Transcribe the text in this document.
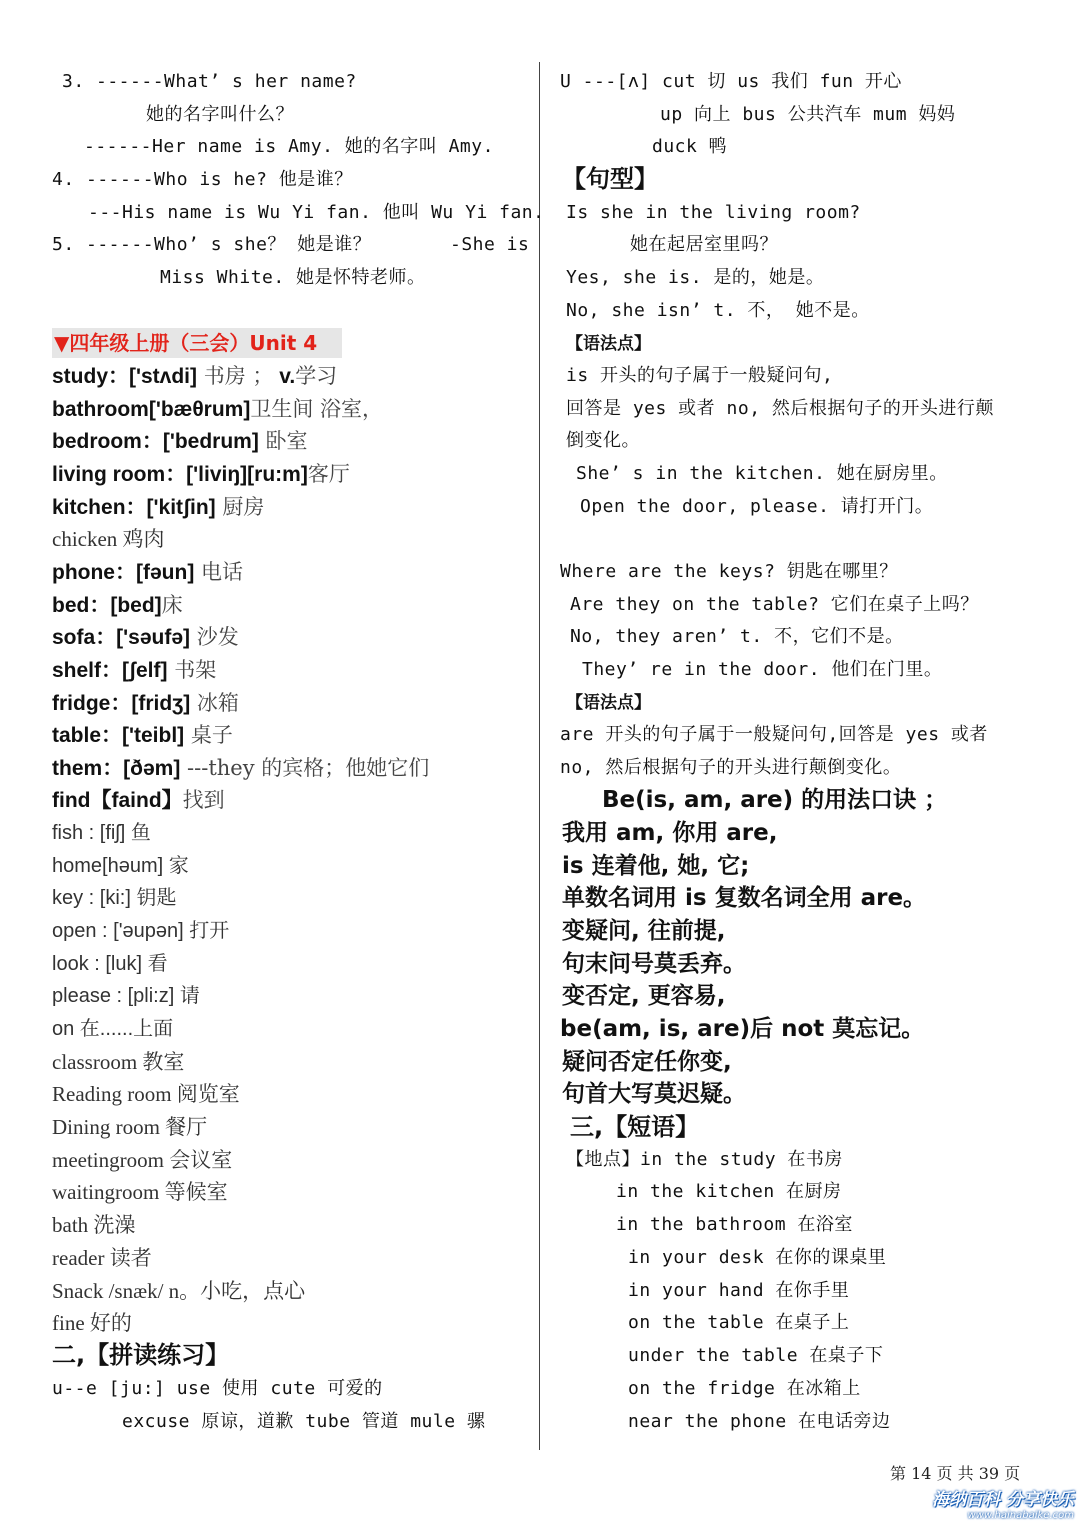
3. ------What’ s her name?
她的名字叫什么？
------Her name is Amy. 她的名字叫 Amy.
4. ------Who is he? 他是谁？
---His name is Wu Yi fan. 他叫 Wu Yi fan.
5. ------Who’ s she？ 她是谁？	-She is
Miss White. 她是怀特老师。
▼四年级上册（三会）Unit 4
study：['stʌdi] 书房 ； v.学习
bathroom['bæθrum]卫生间 浴室，
bedroom：['bedrum] 卧室
living room：['liviŋ][ru:m]客厅
kitchen：['kitʃin] 厨房
chicken 鸡肉
phone：[fəun] 电话
bed：[bed]床
sofa：['səufə] 沙发
shelf：[ʃelf] 书架
fridge：[fridʒ] 冰箱
table：['teibl] 桌子
them：[ðəm] ---they 的宾格；他她它们
find【faind】找到
fish : [fiʃ] 鱼
home[həum] 家
key : [ki:] 钥匙
open : ['əupən] 打开
look : [luk] 看
please : [pli:z] 请
on 在......上面
classroom 教室
Reading room 阅览室
Dining room 餐厅
meetingroom 会议室
waitingroom 等候室
bath 洗澡
reader 读者
Snack /snæk/ n。小吃，点心
fine 好的
二,【拼读练习】
u--e [ju:] use 使用 cute 可爱的
excuse 原谅，道歉 tube 管道 mule 骡
U ---[ʌ] cut 切 us 我们 fun 开心
up 向上 bus 公共汽车 mum 妈妈
duck 鸭
【句型】
Is she in the living room?
她在起居室里吗？
Yes, she is. 是的，她是。
No, she isn’ t. 不， 她不是。
【语法点】
is 开头的句子属于一般疑问句,
回答是 yes 或者 no, 然后根据句子的开头进行颠
倒变化。
She’ s in the kitchen. 她在厨房里。
Open the door, please. 请打开门。
Where are the keys? 钥匙在哪里？
Are they on the table? 它们在桌子上吗？
No, they aren’ t. 不，它们不是。
They’ re in the door. 他们在门里。
【语法点】
are 开头的句子属于一般疑问句,回答是 yes 或者
no, 然后根据句子的开头进行颠倒变化。
Be(is, am, are) 的用法口诀 ；
我用 am, 你用 are,
is 连着他, 她, 它;
单数名词用 is 复数名词全用 are。
变疑问, 往前提,
句末问号莫丢弃。
变否定, 更容易,
be(am, is, are)后 not 莫忘记。
疑问否定任你变,
句首大写莫迟疑。
三,【短语】
【地点】in the study 在书房
in the kitchen 在厨房
in the bathroom 在浴室
in your desk 在你的课桌里
in your hand 在你手里
on the table 在桌子上
under the table 在桌子下
on the fridge 在冰箱上
near the phone 在电话旁边
第 14 页 共 39 页
海纳百科 分享快乐
www.hainabaike.com
